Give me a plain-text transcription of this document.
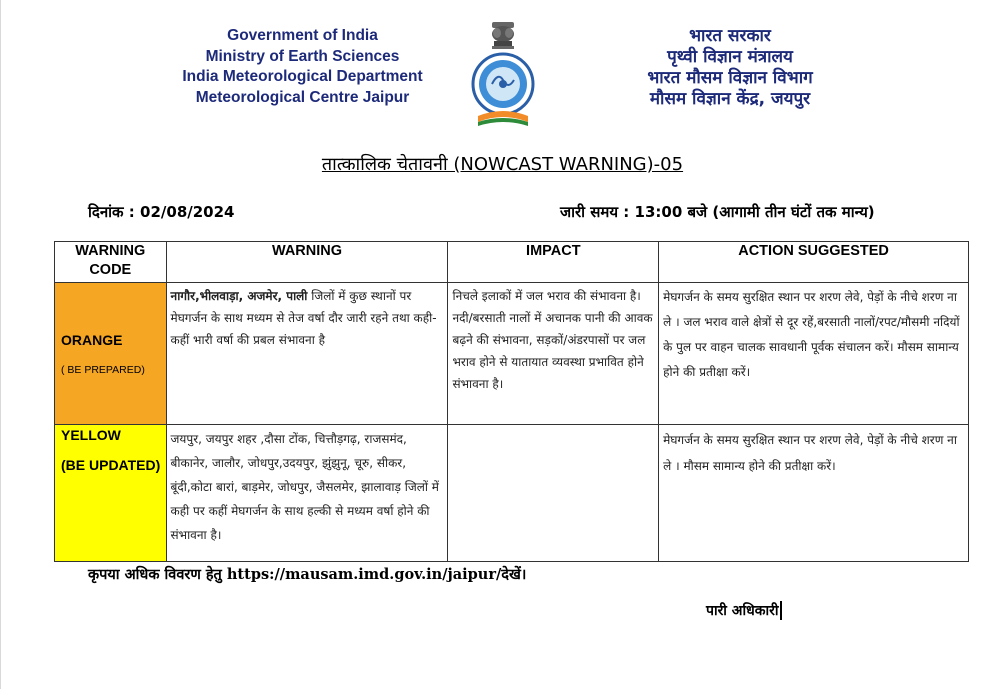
Government of India
Ministry of Earth Sciences
India Meteorological Department
Meteorological Centre Jaipur
भारत सरकार
पृथ्वी विज्ञान मंत्रालय
भारत मौसम विज्ञान विभाग
मौसम विज्ञान केंद्र, जयपुर
तात्कालिक चेतावनी (NOWCAST WARNING)-05
दिनांक : 02/08/2024	जारी समय : 13:00 बजे (आगामी तीन घंटों तक मान्य)
WARNING CODE	WARNING	IMPACT	ACTION SUGGESTED

ORANGE
( BE PREPARED)	नागौर,भीलवाड़ा, अजमेर, पाली जिलों में कुछ स्थानों पर मेघगर्जन के साथ मध्यम से तेज वर्षा दौर जारी रहने तथा कही-कहीं भारी वर्षा की प्रबल संभावना है	निचले इलाकों में जल भराव की संभावना है।नदी/बरसाती नालों में अचानक पानी की आवक बढ़ने की संभावना, सड़कों/अंडरपासों पर जल भराव होने से यातायात व्यवस्था प्रभावित होने संभावना है।	मेघगर्जन के समय सुरक्षित स्थान पर शरण लेवे, पेड़ों के नीचे शरण ना ले । जल भराव वाले क्षेत्रों से दूर रहें,बरसाती नालों/रपट/मौसमी नदियों के पुल पर वाहन चालक सावधानी पूर्वक संचालन करें। मौसम सामान्य होने की प्रतीक्षा करें।

YELLOW
(BE UPDATED)	जयपुर, जयपुर शहर ,दौसा टोंक, चित्तौड़गढ़, राजसमंद, बीकानेर, जालौर, जोधपुर,उदयपुर, झुंझुनू, चूरु, सीकर, बूंदी,कोटा बारां, बाड़मेर, जोधपुर, जैसलमेर, झालावाड़ जिलों में कही पर कहीं मेघगर्जन के साथ हल्की से मध्यम वर्षा होने की संभावना है।		मेघगर्जन के समय सुरक्षित स्थान पर शरण लेवे, पेड़ों के नीचे शरण ना ले । मौसम सामान्य होने की प्रतीक्षा करें।
कृपया अधिक विवरण हेतु https://mausam.imd.gov.in/jaipur/देखें।
पारी अधिकारी
